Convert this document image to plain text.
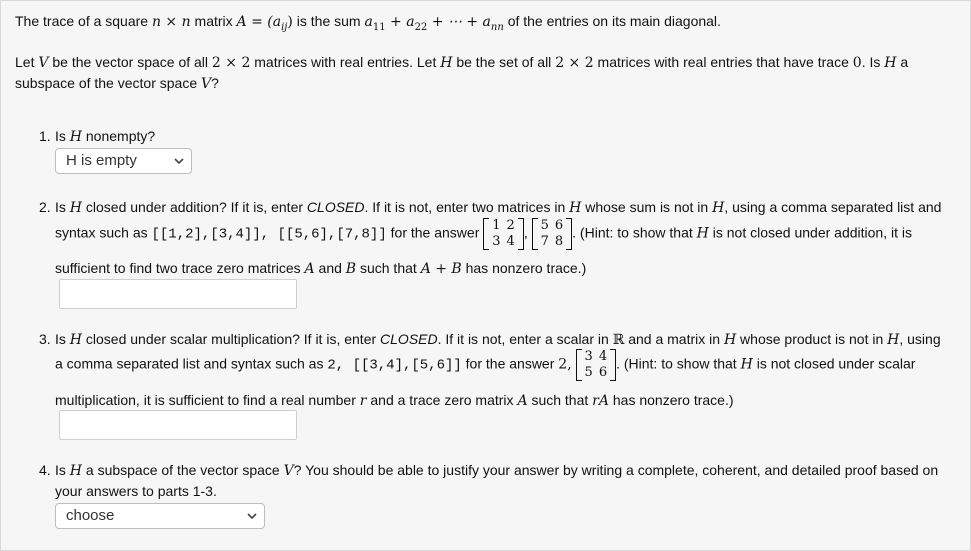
The trace of a square n × n matrix $A = (a_{ij})$ is the sum $a_{11} + a_{22}$ + ⋯ + $a_{nn}$ of the entries on its main diagonal.
Let V be the vector space of all 2 × 2 matrices with real entries. Let H be the set of all 2 × 2 matrices with real entries that have trace 0. Is H a
subspace of the vector space V?
1. Is H nonempty?
H is empty
2. Is H closed under addition? If it is, enter CLOSED. If it is not, enter two matrices in H whose sum is not in H, using a comma separated list and
syntax such as [[1,2],[3,4]], [[5,6],[7,8]] for the answer 1	2
3	4
, 5	6
7	8
. (Hint: to show that H is not closed under addition, it is
sufficient to find two trace zero matrices A and B such that A + B has nonzero trace.)
3. Is H closed under scalar multiplication? If it is, enter CLOSED. If it is not, enter a scalar in ℝ and a matrix in H whose product is not in H, using
a comma separated list and syntax such as 2, [[3,4],[5,6]] for the answer 2,
3	4
5	6
. (Hint: to show that H is not closed under scalar
multiplication, it is sufficient to find a real number r and a trace zero matrix A such that rA has nonzero trace.)
4. Is H a subspace of the vector space V? You should be able to justify your answer by writing a complete, coherent, and detailed proof based on
your answers to parts 1-3.
choose
